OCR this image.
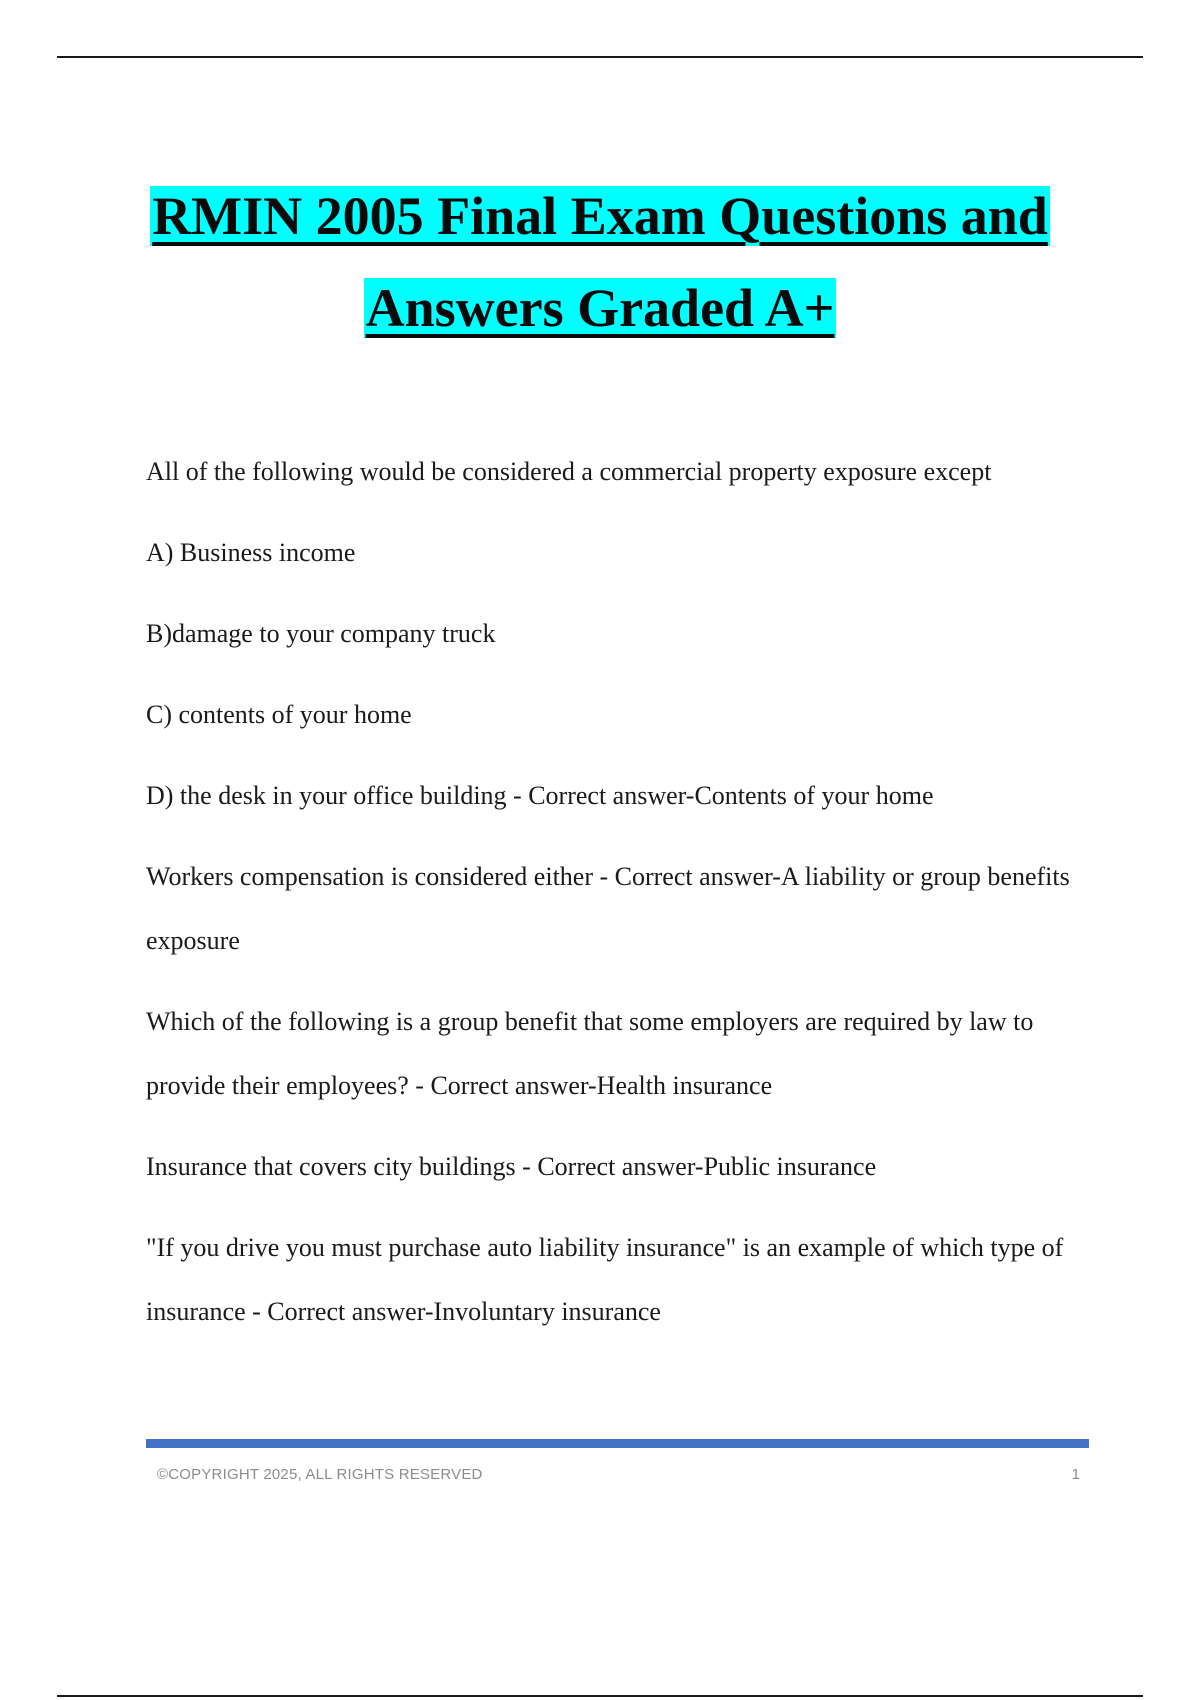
RMIN 2005 Final Exam Questions and
Answers Graded A+

All of the following would be considered a commercial property exposure except

A) Business income

B)damage to your company truck

C) contents of your home

D) the desk in your office building - Correct answer-Contents of your home

Workers compensation is considered either - Correct answer-A liability or group benefits exposure

Which of the following is a group benefit that some employers are required by law to provide their employees? - Correct answer-Health insurance

Insurance that covers city buildings - Correct answer-Public insurance

"If you drive you must purchase auto liability insurance" is an example of which type of insurance - Correct answer-Involuntary insurance

©COPYRIGHT 2025, ALL RIGHTS RESERVED	1
